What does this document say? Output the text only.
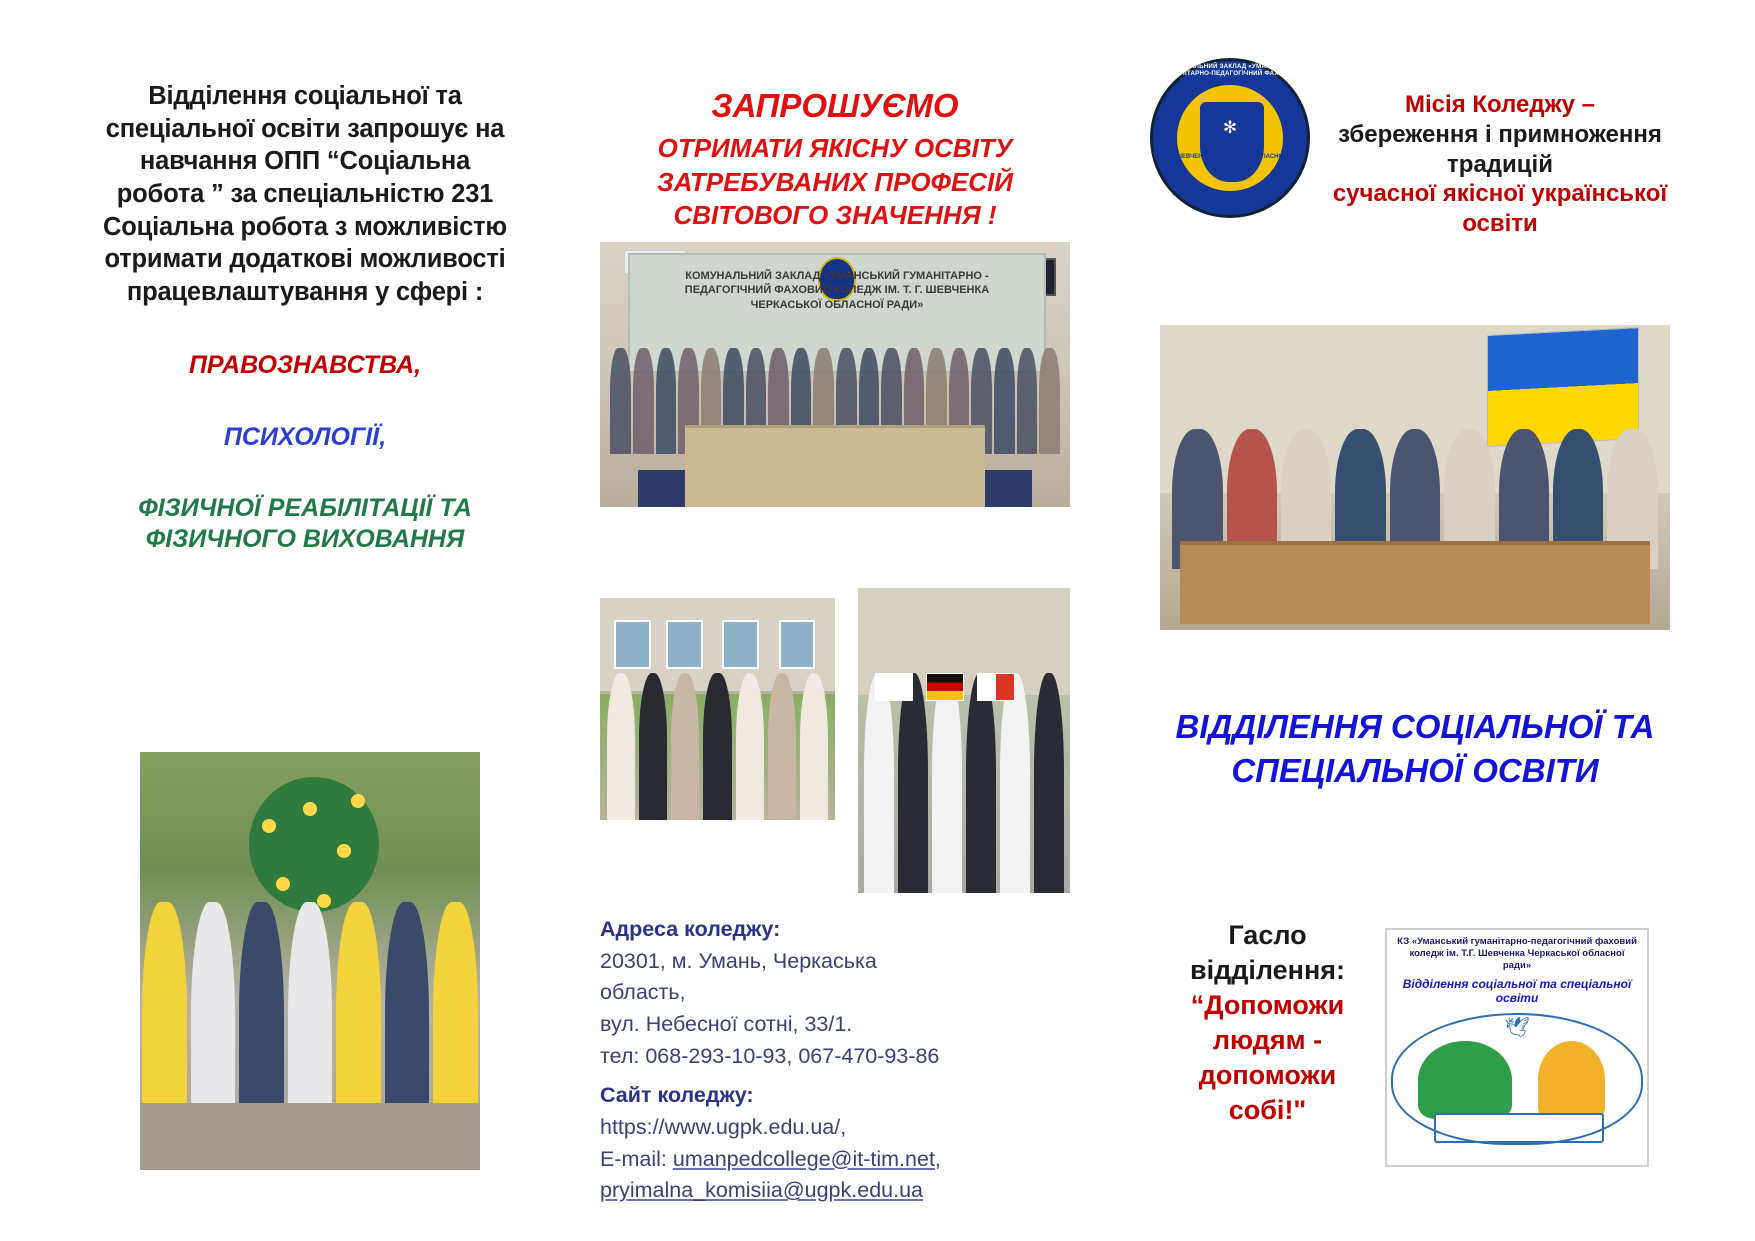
Відділення соціальної та спеціальної освіти запрошує на навчання ОПП “Соціальна робота ” за спеціальністю 231 Соціальна робота з можливістю отримати додаткові можливості працевлаштування у сфері :
ПРАВОЗНАВСТВА,
ПСИХОЛОГІЇ,
ФІЗИЧНОЇ РЕАБІЛІТАЦІЇ ТА ФІЗИЧНОГО ВИХОВАННЯ
ЗАПРОШУЄМО
ОТРИМАТИ ЯКІСНУ ОСВІТУ ЗАТРЕБУВАНИХ ПРОФЕСІЙ СВІТОВОГО ЗНАЧЕННЯ !
КОМУНАЛЬНИЙ ЗАКЛАД «УМАНСЬКИЙ ГУМАНІТАРНО - ПЕДАГОГІЧНИЙ ФАХОВИЙ КОЛЕДЖ ІМ. Т. Г. ШЕВЧЕНКА ЧЕРКАСЬКОЇ ОБЛАСНОЇ РАДИ»
Адреса коледжу:
20301, м. Умань, Черкаська
область,
вул. Небесної сотні, 33/1.
тел: 068-293-10-93, 067-470-93-86
Сайт коледжу:
https://www.ugpk.edu.ua/,
E-mail: umanpedcollege@it-tim.net,
pryimalna_komisiia@ugpk.edu.ua
КОМУНАЛЬНИЙ ЗАКЛАД «УМАНСЬКИЙ ГУМАНІТАРНО-ПЕДАГОГІЧНИЙ ФАХОВИЙ
✻
ІМ. Т. Г. ШЕВЧЕНКА ЧЕРКАСЬКОЇ ОБЛАСНОЇ РАДИ»
Місія Коледжу –
збереження і примноження традицій
сучасної якісної української освіти
ВІДДІЛЕННЯ СОЦІАЛЬНОЇ ТА СПЕЦІАЛЬНОЇ ОСВІТИ
Гасло відділення:
“Допоможи людям - допоможи собі!"
КЗ «Уманський гуманітарно-педагогічний фаховий коледж ім. Т.Г. Шевченка Черкаської обласної ради»
Відділення соціальної та спеціальної освіти
🕊
